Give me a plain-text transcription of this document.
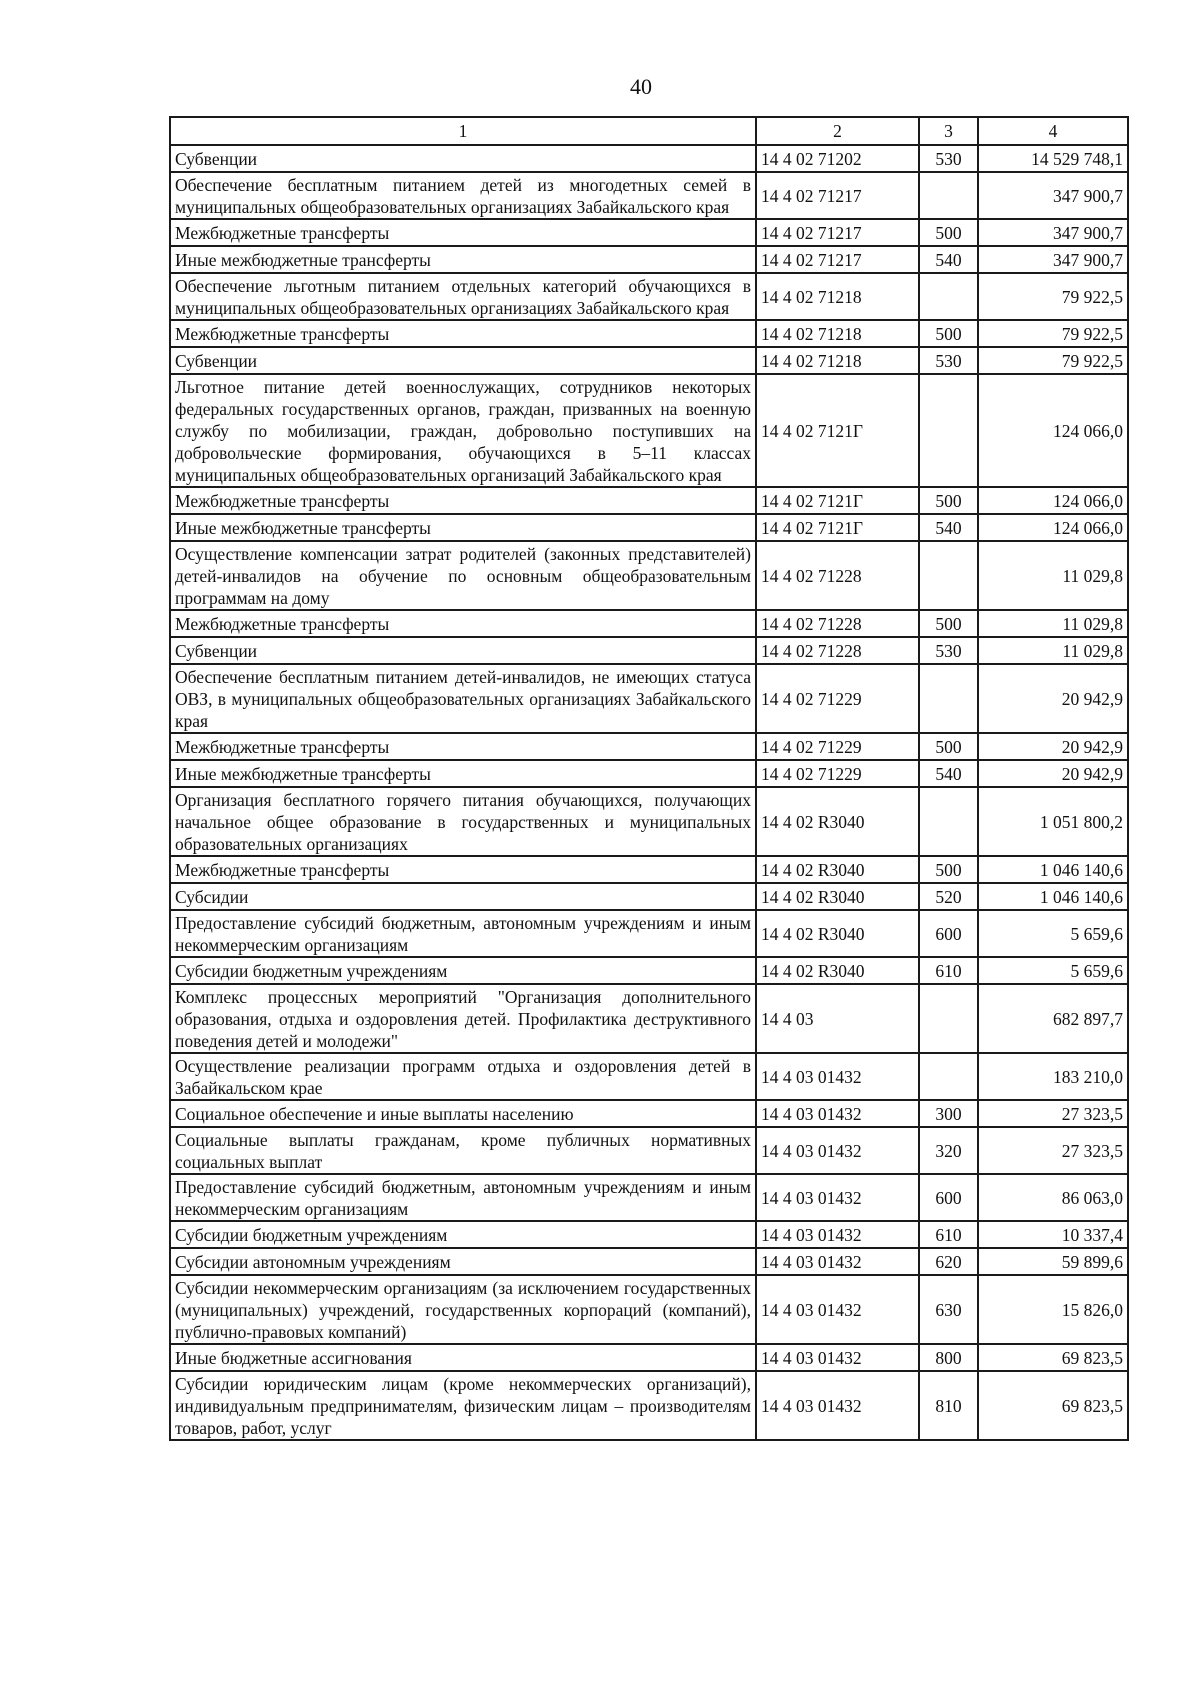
40
1	2	3	4
Субвенции	14 4 02 71202	530	14 529 748,1
Обеспечение бесплатным питанием детей из многодетных семей в муниципальных общеобразовательных организациях Забайкальского края	14 4 02 71217		347 900,7
Межбюджетные трансферты	14 4 02 71217	500	347 900,7
Иные межбюджетные трансферты	14 4 02 71217	540	347 900,7
Обеспечение льготным питанием отдельных категорий обучающихся в муниципальных общеобразовательных организациях Забайкальского края	14 4 02 71218		79 922,5
Межбюджетные трансферты	14 4 02 71218	500	79 922,5
Субвенции	14 4 02 71218	530	79 922,5
Льготное питание детей военнослужащих, сотрудников некоторых федеральных государственных органов, граждан, призванных на военную службу по мобилизации, граждан, добровольно поступивших на добровольческие формирования, обучающихся в 5–11 классах муниципальных общеобразовательных организаций Забайкальского края	14 4 02 7121Г		124 066,0
Межбюджетные трансферты	14 4 02 7121Г	500	124 066,0
Иные межбюджетные трансферты	14 4 02 7121Г	540	124 066,0
Осуществление компенсации затрат родителей (законных представителей) детей-инвалидов на обучение по основным общеобразовательным программам на дому	14 4 02 71228		11 029,8
Межбюджетные трансферты	14 4 02 71228	500	11 029,8
Субвенции	14 4 02 71228	530	11 029,8
Обеспечение бесплатным питанием детей-инвалидов, не имеющих статуса ОВЗ, в муниципальных общеобразовательных организациях Забайкальского края	14 4 02 71229		20 942,9
Межбюджетные трансферты	14 4 02 71229	500	20 942,9
Иные межбюджетные трансферты	14 4 02 71229	540	20 942,9
Организация бесплатного горячего питания обучающихся, получающих начальное общее образование в государственных и муниципальных образовательных организациях	14 4 02 R3040		1 051 800,2
Межбюджетные трансферты	14 4 02 R3040	500	1 046 140,6
Субсидии	14 4 02 R3040	520	1 046 140,6
Предоставление субсидий бюджетным, автономным учреждениям и иным некоммерческим организациям	14 4 02 R3040	600	5 659,6
Субсидии бюджетным учреждениям	14 4 02 R3040	610	5 659,6
Комплекс процессных мероприятий "Организация дополнительного образования, отдыха и оздоровления детей. Профилактика деструктивного поведения детей и молодежи"	14 4 03		682 897,7
Осуществление реализации программ отдыха и оздоровления детей в Забайкальском крае	14 4 03 01432		183 210,0
Социальное обеспечение и иные выплаты населению	14 4 03 01432	300	27 323,5
Социальные выплаты гражданам, кроме публичных нормативных социальных выплат	14 4 03 01432	320	27 323,5
Предоставление субсидий бюджетным, автономным учреждениям и иным некоммерческим организациям	14 4 03 01432	600	86 063,0
Субсидии бюджетным учреждениям	14 4 03 01432	610	10 337,4
Субсидии автономным учреждениям	14 4 03 01432	620	59 899,6
Субсидии некоммерческим организациям (за исключением государственных (муниципальных) учреждений, государственных корпораций (компаний), публично-правовых компаний)	14 4 03 01432	630	15 826,0
Иные бюджетные ассигнования	14 4 03 01432	800	69 823,5
Субсидии юридическим лицам (кроме некоммерческих организаций), индивидуальным предпринимателям, физическим лицам – производителям товаров, работ, услуг	14 4 03 01432	810	69 823,5
